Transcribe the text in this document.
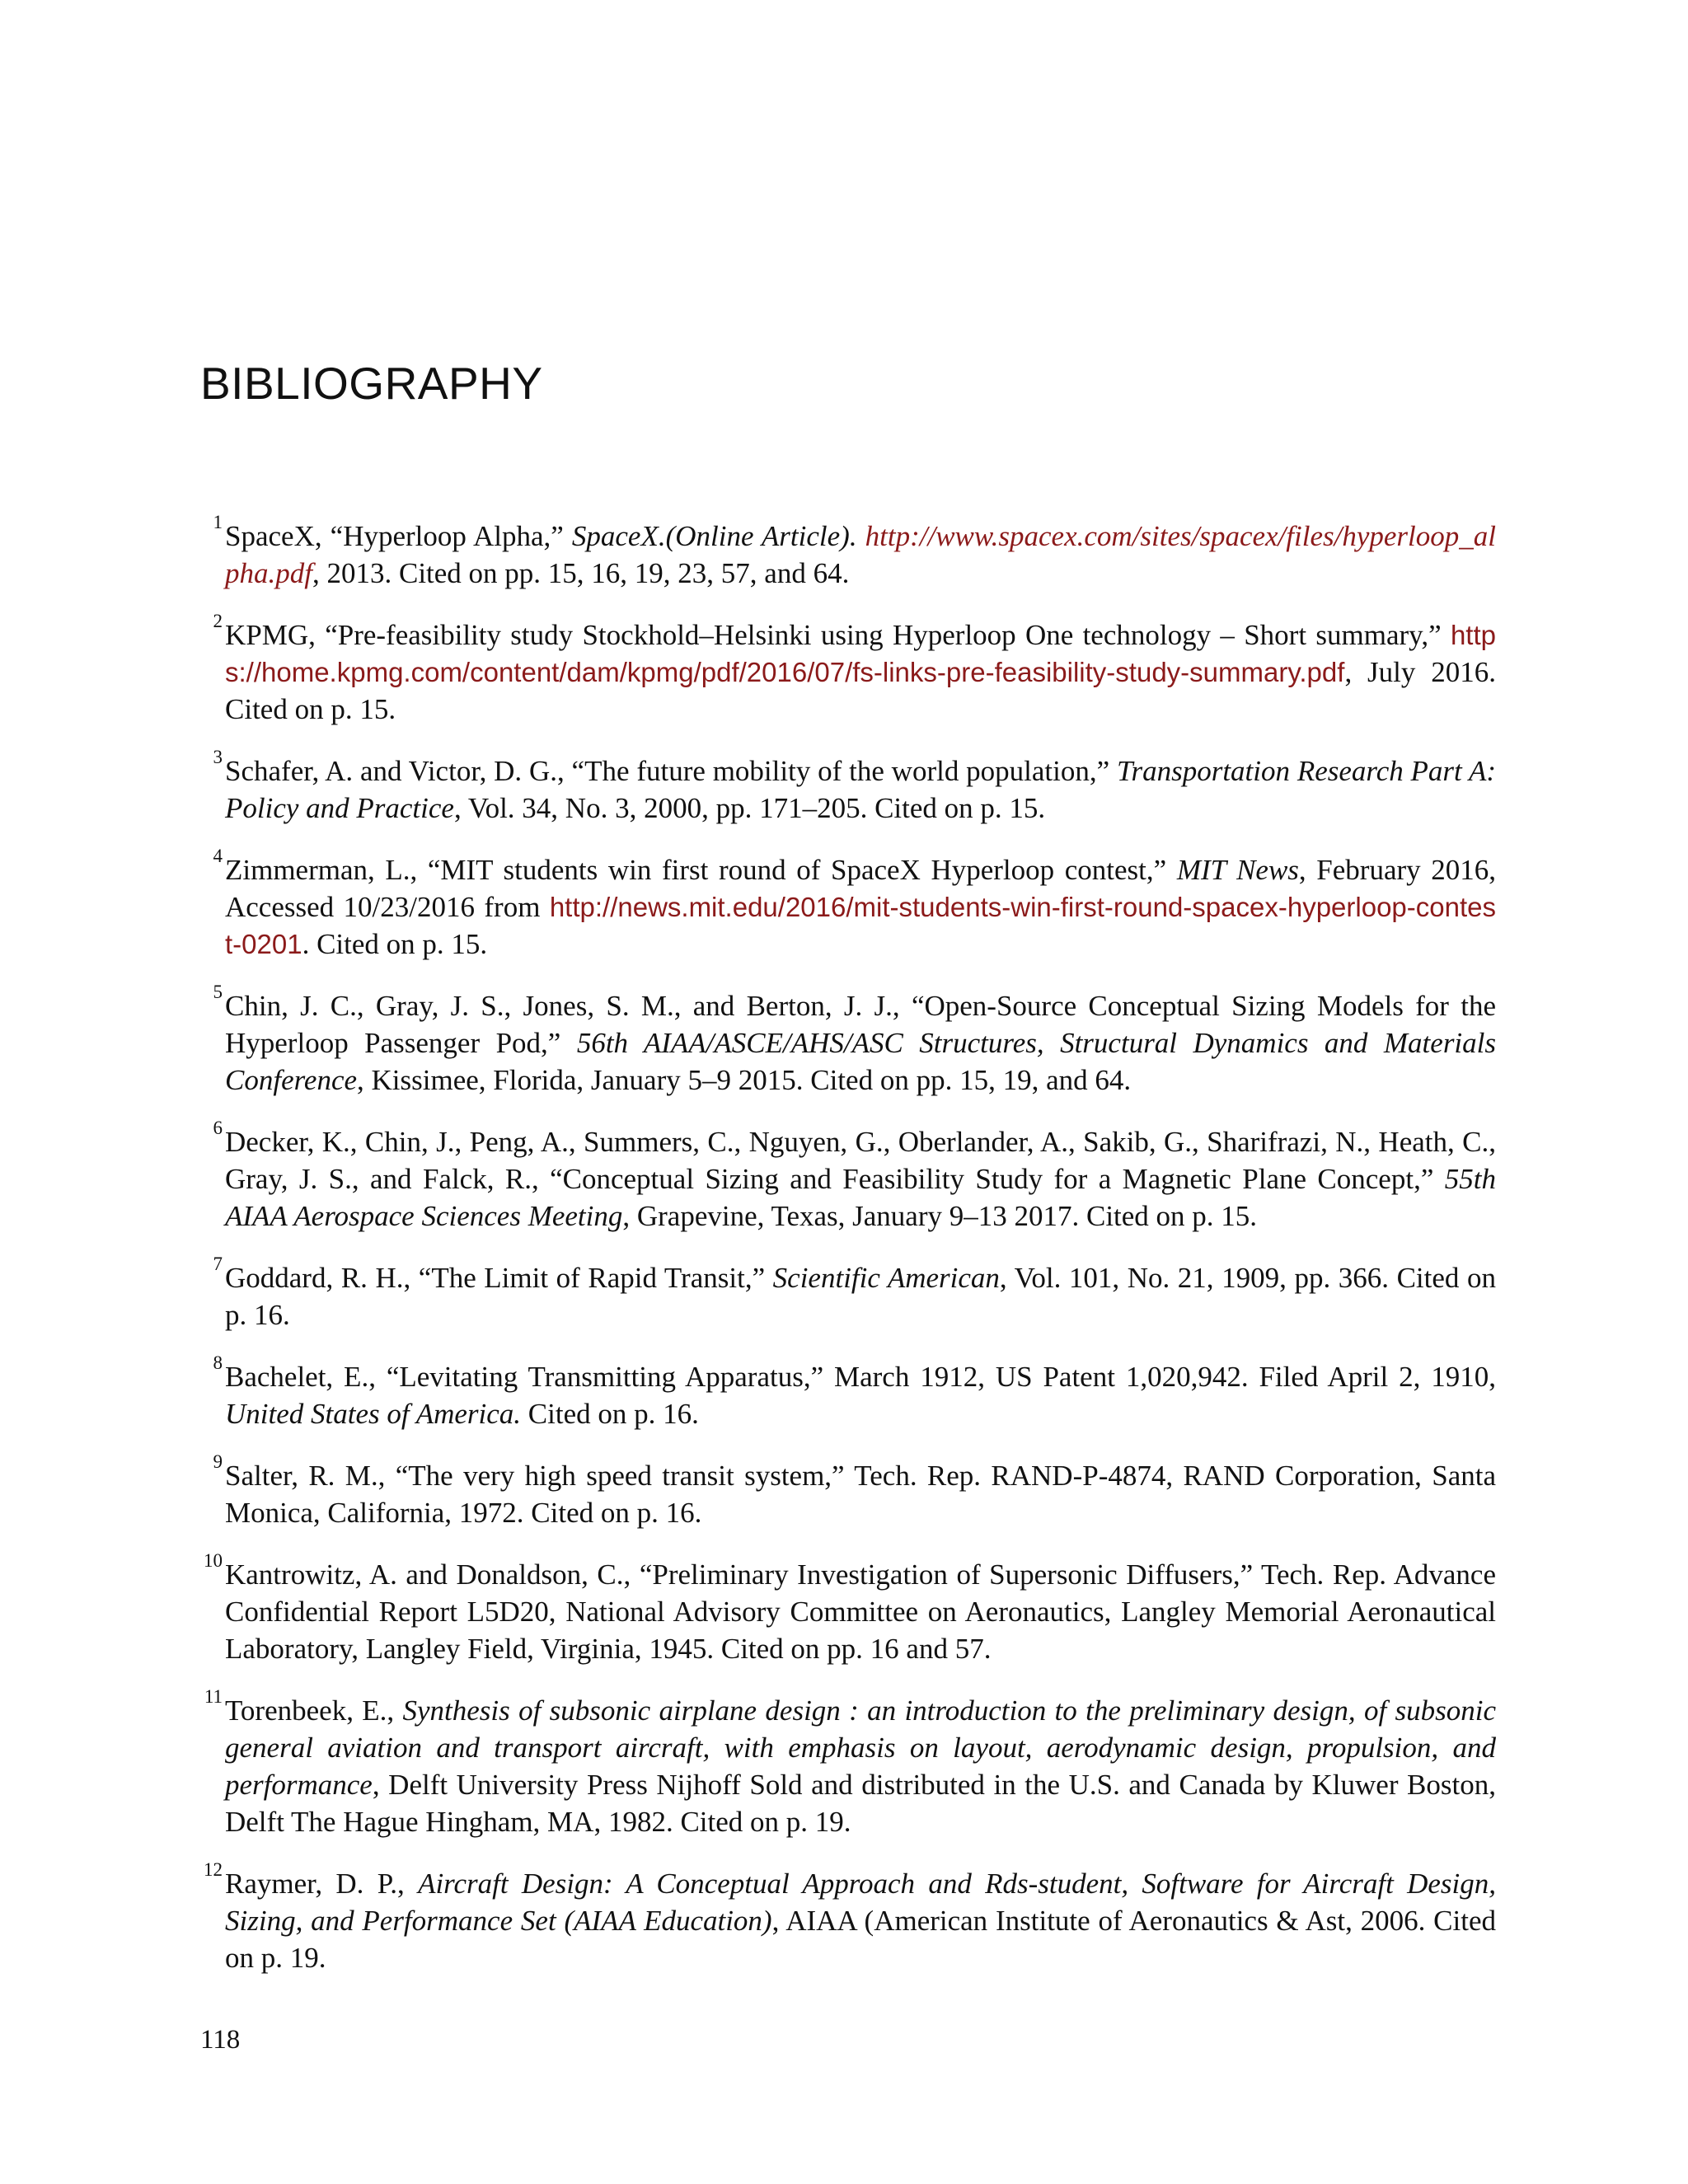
BIBLIOGRAPHY
1 SpaceX, “Hyperloop Alpha,” SpaceX.(Online Article). http://www.spacex.com/sites/spacex/files/hyperloop_alpha.pdf, 2013. Cited on pp. 15, 16, 19, 23, 57, and 64.
2 KPMG, “Pre-feasibility study Stockhold–Helsinki using Hyperloop One technology – Short summary,” https://home.kpmg.com/content/dam/kpmg/pdf/2016/07/fs-links-pre-feasibility-study-summary.pdf, July 2016. Cited on p. 15.
3 Schafer, A. and Victor, D. G., “The future mobility of the world population,” Transportation Research Part A: Policy and Practice, Vol. 34, No. 3, 2000, pp. 171–205. Cited on p. 15.
4 Zimmerman, L., “MIT students win first round of SpaceX Hyperloop contest,” MIT News, February 2016, Accessed 10/23/2016 from http://news.mit.edu/2016/mit-students-win-first-round-spacex-hyperloop-contest-0201. Cited on p. 15.
5 Chin, J. C., Gray, J. S., Jones, S. M., and Berton, J. J., “Open-Source Conceptual Sizing Models for the Hyperloop Passenger Pod,” 56th AIAA/ASCE/AHS/ASC Structures, Structural Dynamics and Materials Conference, Kissimee, Florida, January 5–9 2015. Cited on pp. 15, 19, and 64.
6 Decker, K., Chin, J., Peng, A., Summers, C., Nguyen, G., Oberlander, A., Sakib, G., Sharifrazi, N., Heath, C., Gray, J. S., and Falck, R., “Conceptual Sizing and Feasibility Study for a Magnetic Plane Concept,” 55th AIAA Aerospace Sciences Meeting, Grapevine, Texas, January 9–13 2017. Cited on p. 15.
7 Goddard, R. H., “The Limit of Rapid Transit,” Scientific American, Vol. 101, No. 21, 1909, pp. 366. Cited on p. 16.
8 Bachelet, E., “Levitating Transmitting Apparatus,” March 1912, US Patent 1,020,942. Filed April 2, 1910, United States of America. Cited on p. 16.
9 Salter, R. M., “The very high speed transit system,” Tech. Rep. RAND-P-4874, RAND Corporation, Santa Monica, California, 1972. Cited on p. 16.
10 Kantrowitz, A. and Donaldson, C., “Preliminary Investigation of Supersonic Diffusers,” Tech. Rep. Advance Confidential Report L5D20, National Advisory Committee on Aeronautics, Langley Memorial Aeronautical Laboratory, Langley Field, Virginia, 1945. Cited on pp. 16 and 57.
11 Torenbeek, E., Synthesis of subsonic airplane design : an introduction to the preliminary design, of subsonic general aviation and transport aircraft, with emphasis on layout, aerodynamic design, propulsion, and performance, Delft University Press Nijhoff Sold and distributed in the U.S. and Canada by Kluwer Boston, Delft The Hague Hingham, MA, 1982. Cited on p. 19.
12 Raymer, D. P., Aircraft Design: A Conceptual Approach and Rds-student, Software for Aircraft Design, Sizing, and Performance Set (AIAA Education), AIAA (American Institute of Aeronautics & Ast, 2006. Cited on p. 19.
118
